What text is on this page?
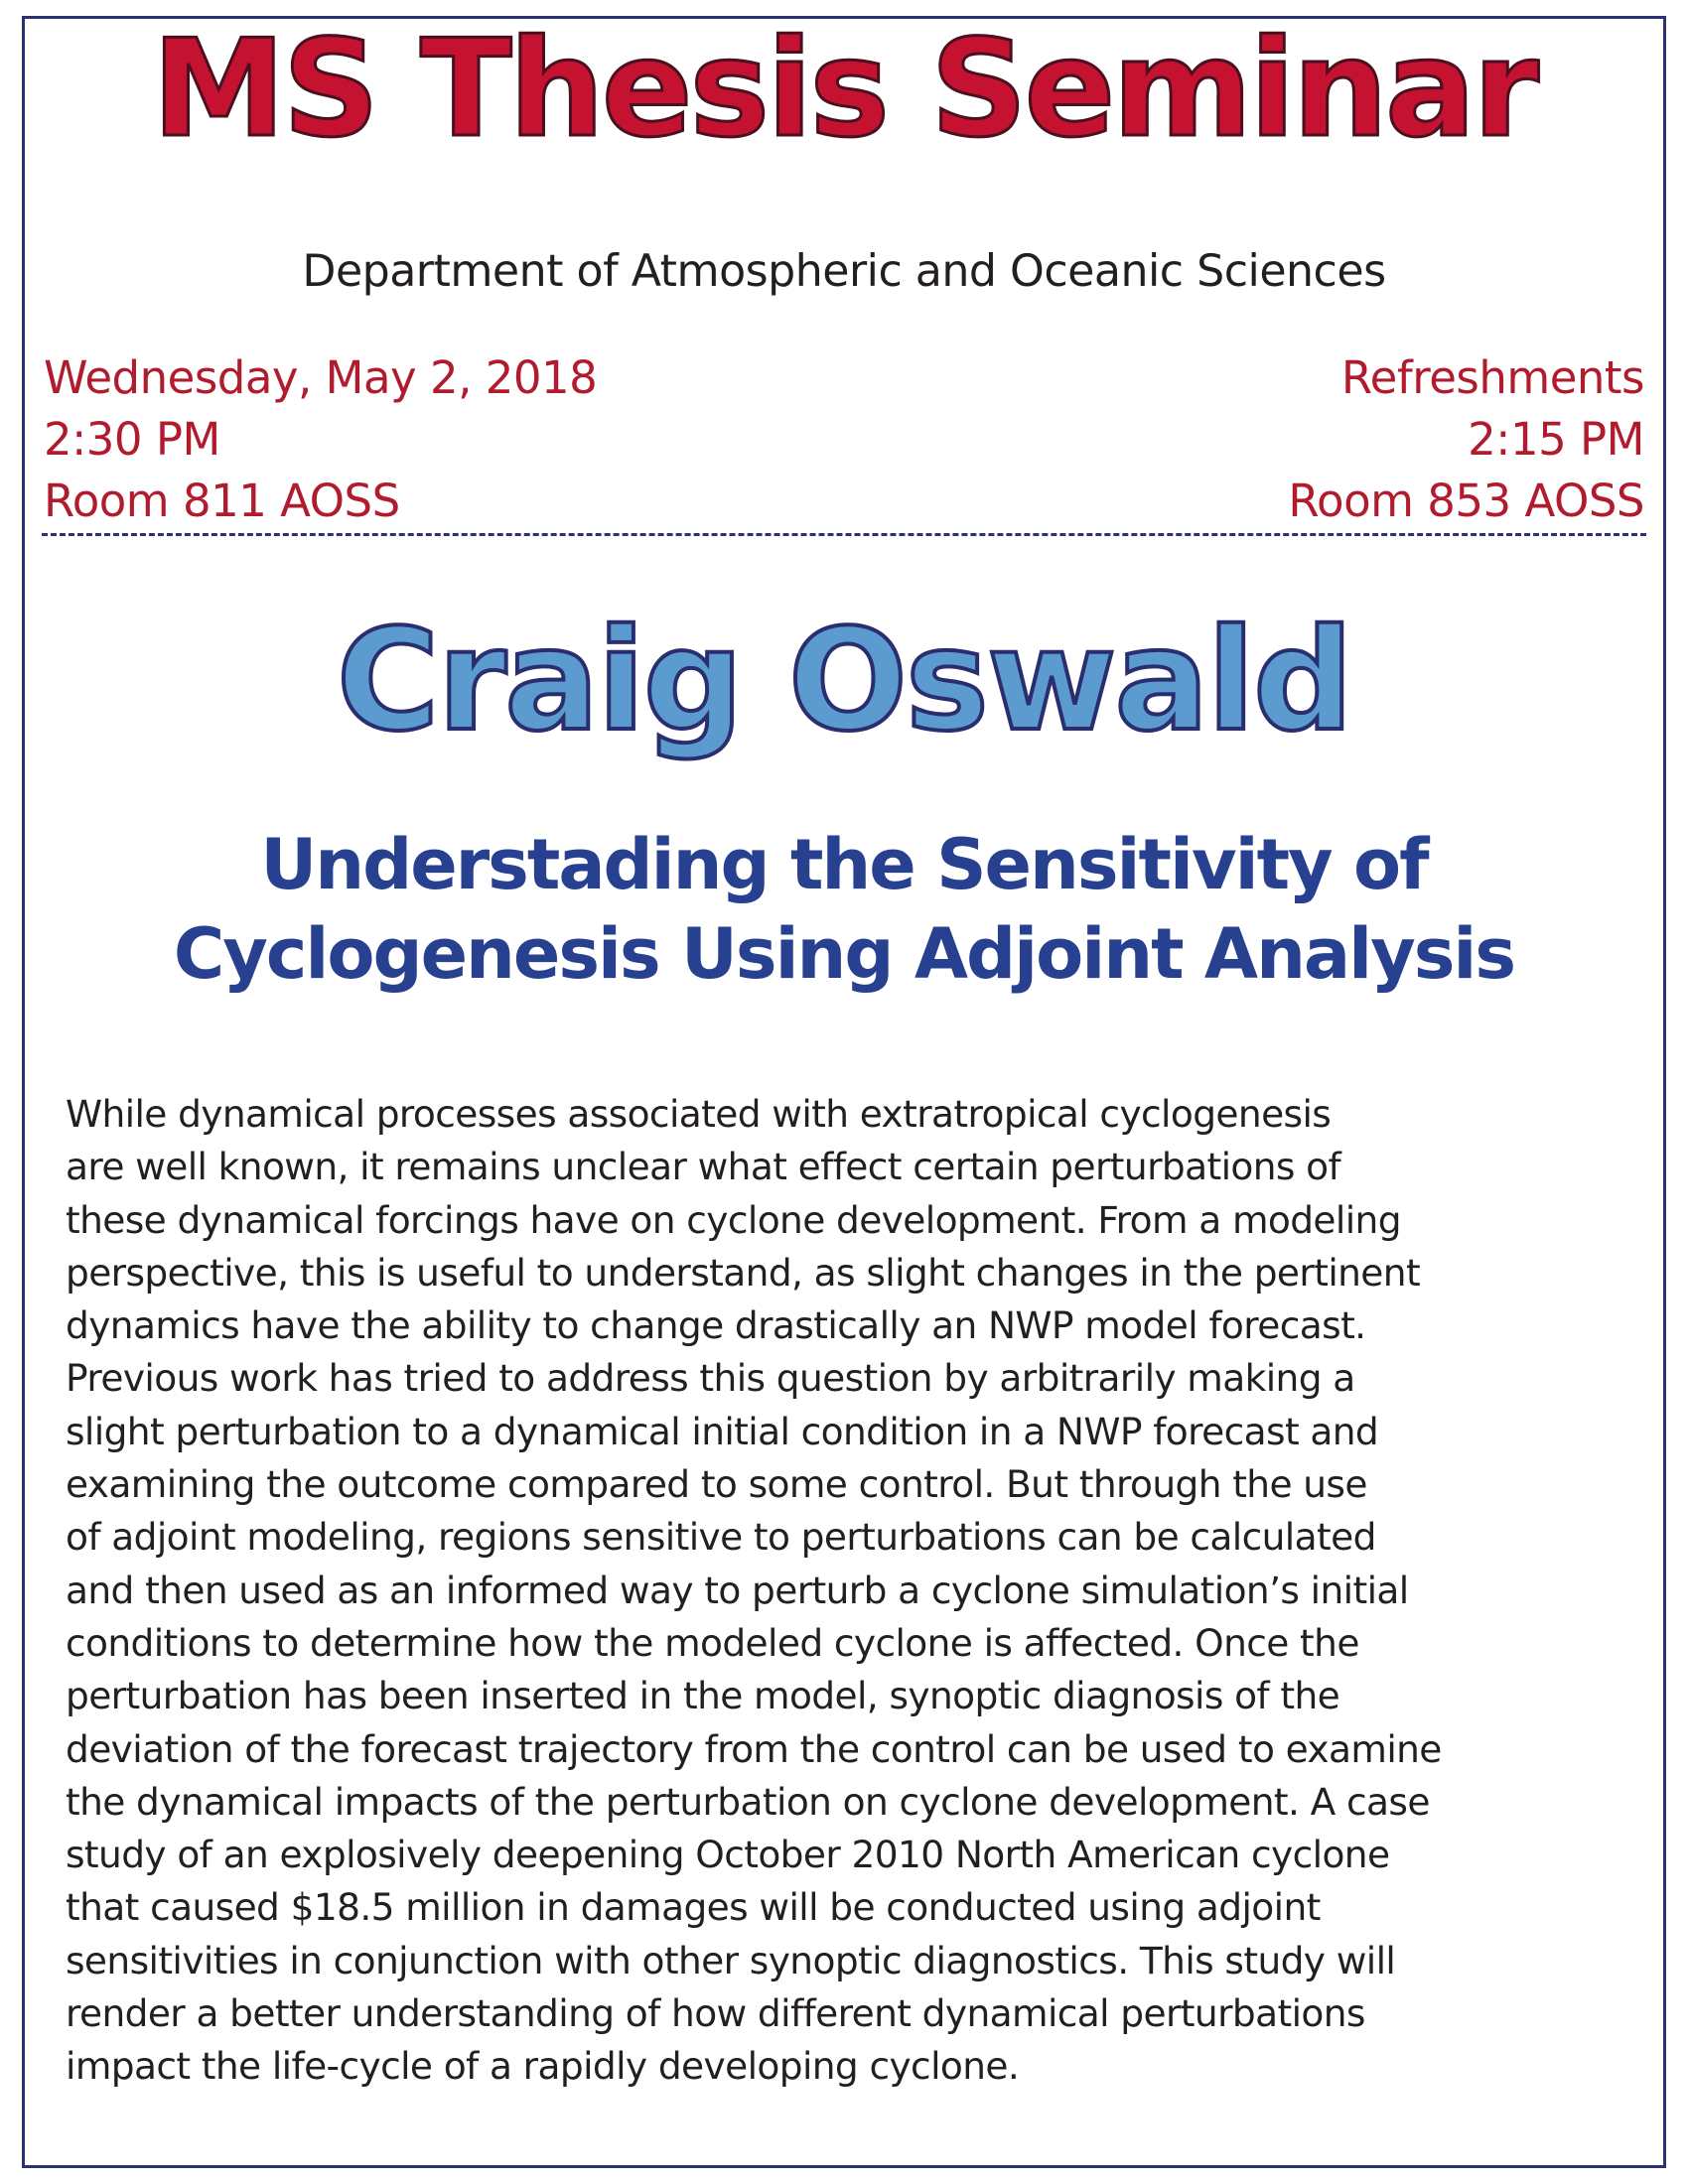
MS Thesis Seminar
Department of Atmospheric and Oceanic Sciences
Wednesday, May 2, 2018
2:30 PM
Room 811 AOSS
Refreshments
2:15 PM
Room 853 AOSS
Craig Oswald
Understading the Sensitivity of
Cyclogenesis Using Adjoint Analysis
While dynamical processes associated with extratropical cyclogenesis
are well known, it remains unclear what effect certain perturbations of
these dynamical forcings have on cyclone development. From a modeling
perspective, this is useful to understand, as slight changes in the pertinent
dynamics have the ability to change drastically an NWP model forecast.
Previous work has tried to address this question by arbitrarily making a
slight perturbation to a dynamical initial condition in a NWP forecast and
examining the outcome compared to some control. But through the use
of adjoint modeling, regions sensitive to perturbations can be calculated
and then used as an informed way to perturb a cyclone simulation’s initial
conditions to determine how the modeled cyclone is affected. Once the
perturbation has been inserted in the model, synoptic diagnosis of the
deviation of the forecast trajectory from the control can be used to examine
the dynamical impacts of the perturbation on cyclone development. A case
study of an explosively deepening October 2010 North American cyclone
that caused $18.5 million in damages will be conducted using adjoint
sensitivities in conjunction with other synoptic diagnostics. This study will
render a better understanding of how different dynamical perturbations
impact the life-cycle of a rapidly developing cyclone.
